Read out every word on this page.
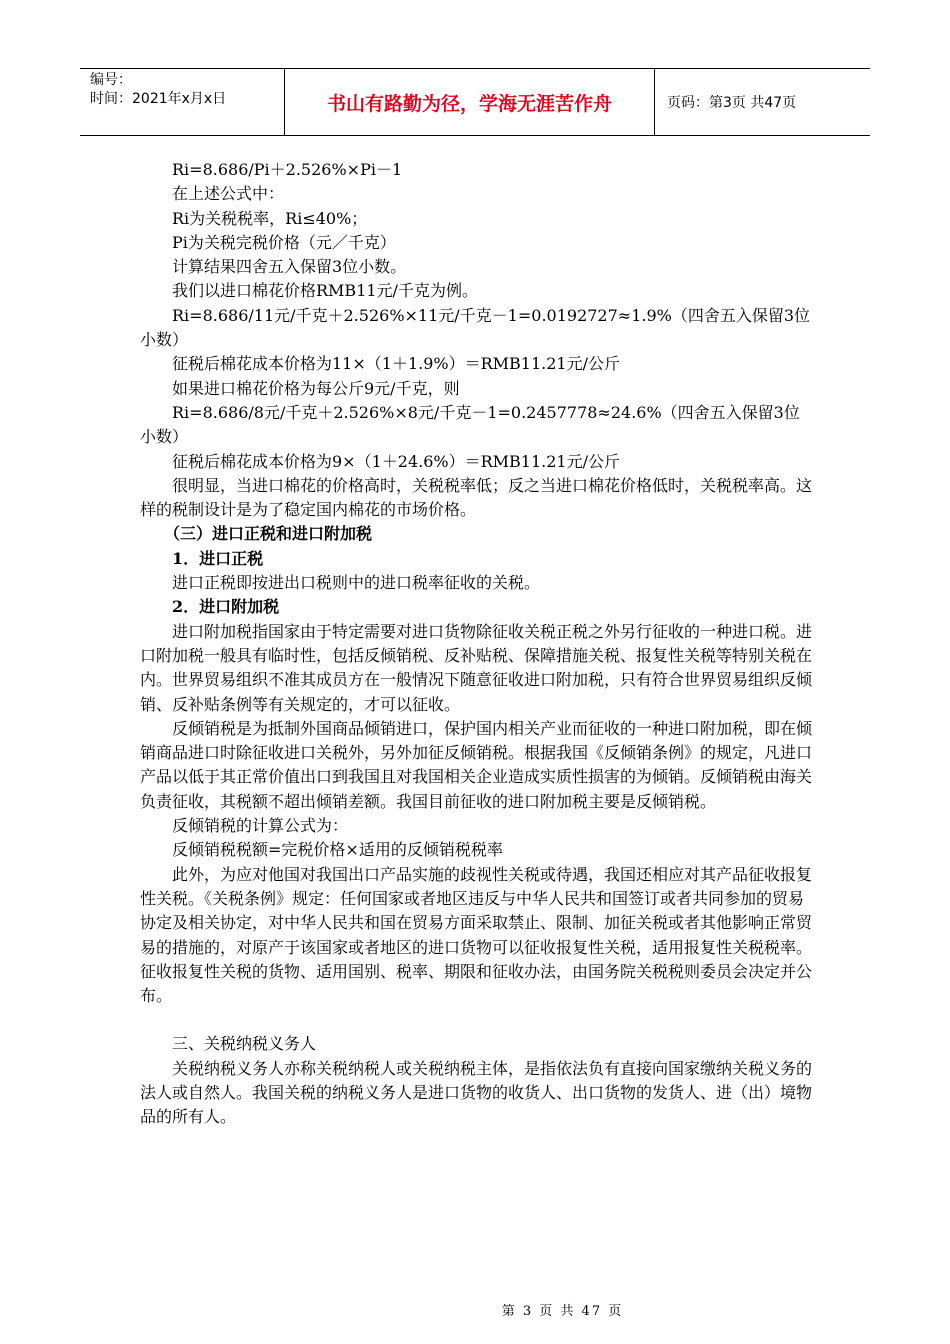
编号：
时间：2021年x月x日	书山有路勤为径，学海无涯苦作舟	页码：第3页 共47页

Ri=8.686/Pi＋2.526%×Pi－1

在上述公式中：

Ri为关税税率，Ri≤40%；

Pi为关税完税价格（元／千克）

计算结果四舍五入保留3位小数。

我们以进口棉花价格RMB11元/千克为例。

Ri=8.686/11元/千克＋2.526%×11元/千克－1=0.0192727≈1.9%（四舍五入保留3位小数）

征税后棉花成本价格为11×（1＋1.9%）＝RMB11.21元/公斤

如果进口棉花价格为每公斤9元/千克，则

Ri=8.686/8元/千克＋2.526%×8元/千克－1=0.2457778≈24.6%（四舍五入保留3位小数）

征税后棉花成本价格为9×（1＋24.6%）＝RMB11.21元/公斤

很明显，当进口棉花的价格高时，关税税率低；反之当进口棉花价格低时，关税税率高。这样的税制设计是为了稳定国内棉花的市场价格。

（三）进口正税和进口附加税

1．进口正税

进口正税即按进出口税则中的进口税率征收的关税。

2．进口附加税

进口附加税指国家由于特定需要对进口货物除征收关税正税之外另行征收的一种进口税。进口附加税一般具有临时性，包括反倾销税、反补贴税、保障措施关税、报复性关税等特别关税在内。世界贸易组织不准其成员方在一般情况下随意征收进口附加税，只有符合世界贸易组织反倾销、反补贴条例等有关规定的，才可以征收。

反倾销税是为抵制外国商品倾销进口，保护国内相关产业而征收的一种进口附加税，即在倾销商品进口时除征收进口关税外，另外加征反倾销税。根据我国《反倾销条例》的规定，凡进口产品以低于其正常价值出口到我国且对我国相关企业造成实质性损害的为倾销。反倾销税由海关负责征收，其税额不超出倾销差额。我国目前征收的进口附加税主要是反倾销税。

反倾销税的计算公式为：

反倾销税税额=完税价格×适用的反倾销税税率

此外，为应对他国对我国出口产品实施的歧视性关税或待遇，我国还相应对其产品征收报复性关税。《关税条例》规定：任何国家或者地区违反与中华人民共和国签订或者共同参加的贸易协定及相关协定，对中华人民共和国在贸易方面采取禁止、限制、加征关税或者其他影响正常贸易的措施的，对原产于该国家或者地区的进口货物可以征收报复性关税，适用报复性关税税率。征收报复性关税的货物、适用国别、税率、期限和征收办法，由国务院关税税则委员会决定并公布。

三、关税纳税义务人

关税纳税义务人亦称关税纳税人或关税纳税主体，是指依法负有直接向国家缴纳关税义务的法人或自然人。我国关税的纳税义务人是进口货物的收货人、出口货物的发货人、进（出）境物品的所有人。

第 3 页 共 47 页
